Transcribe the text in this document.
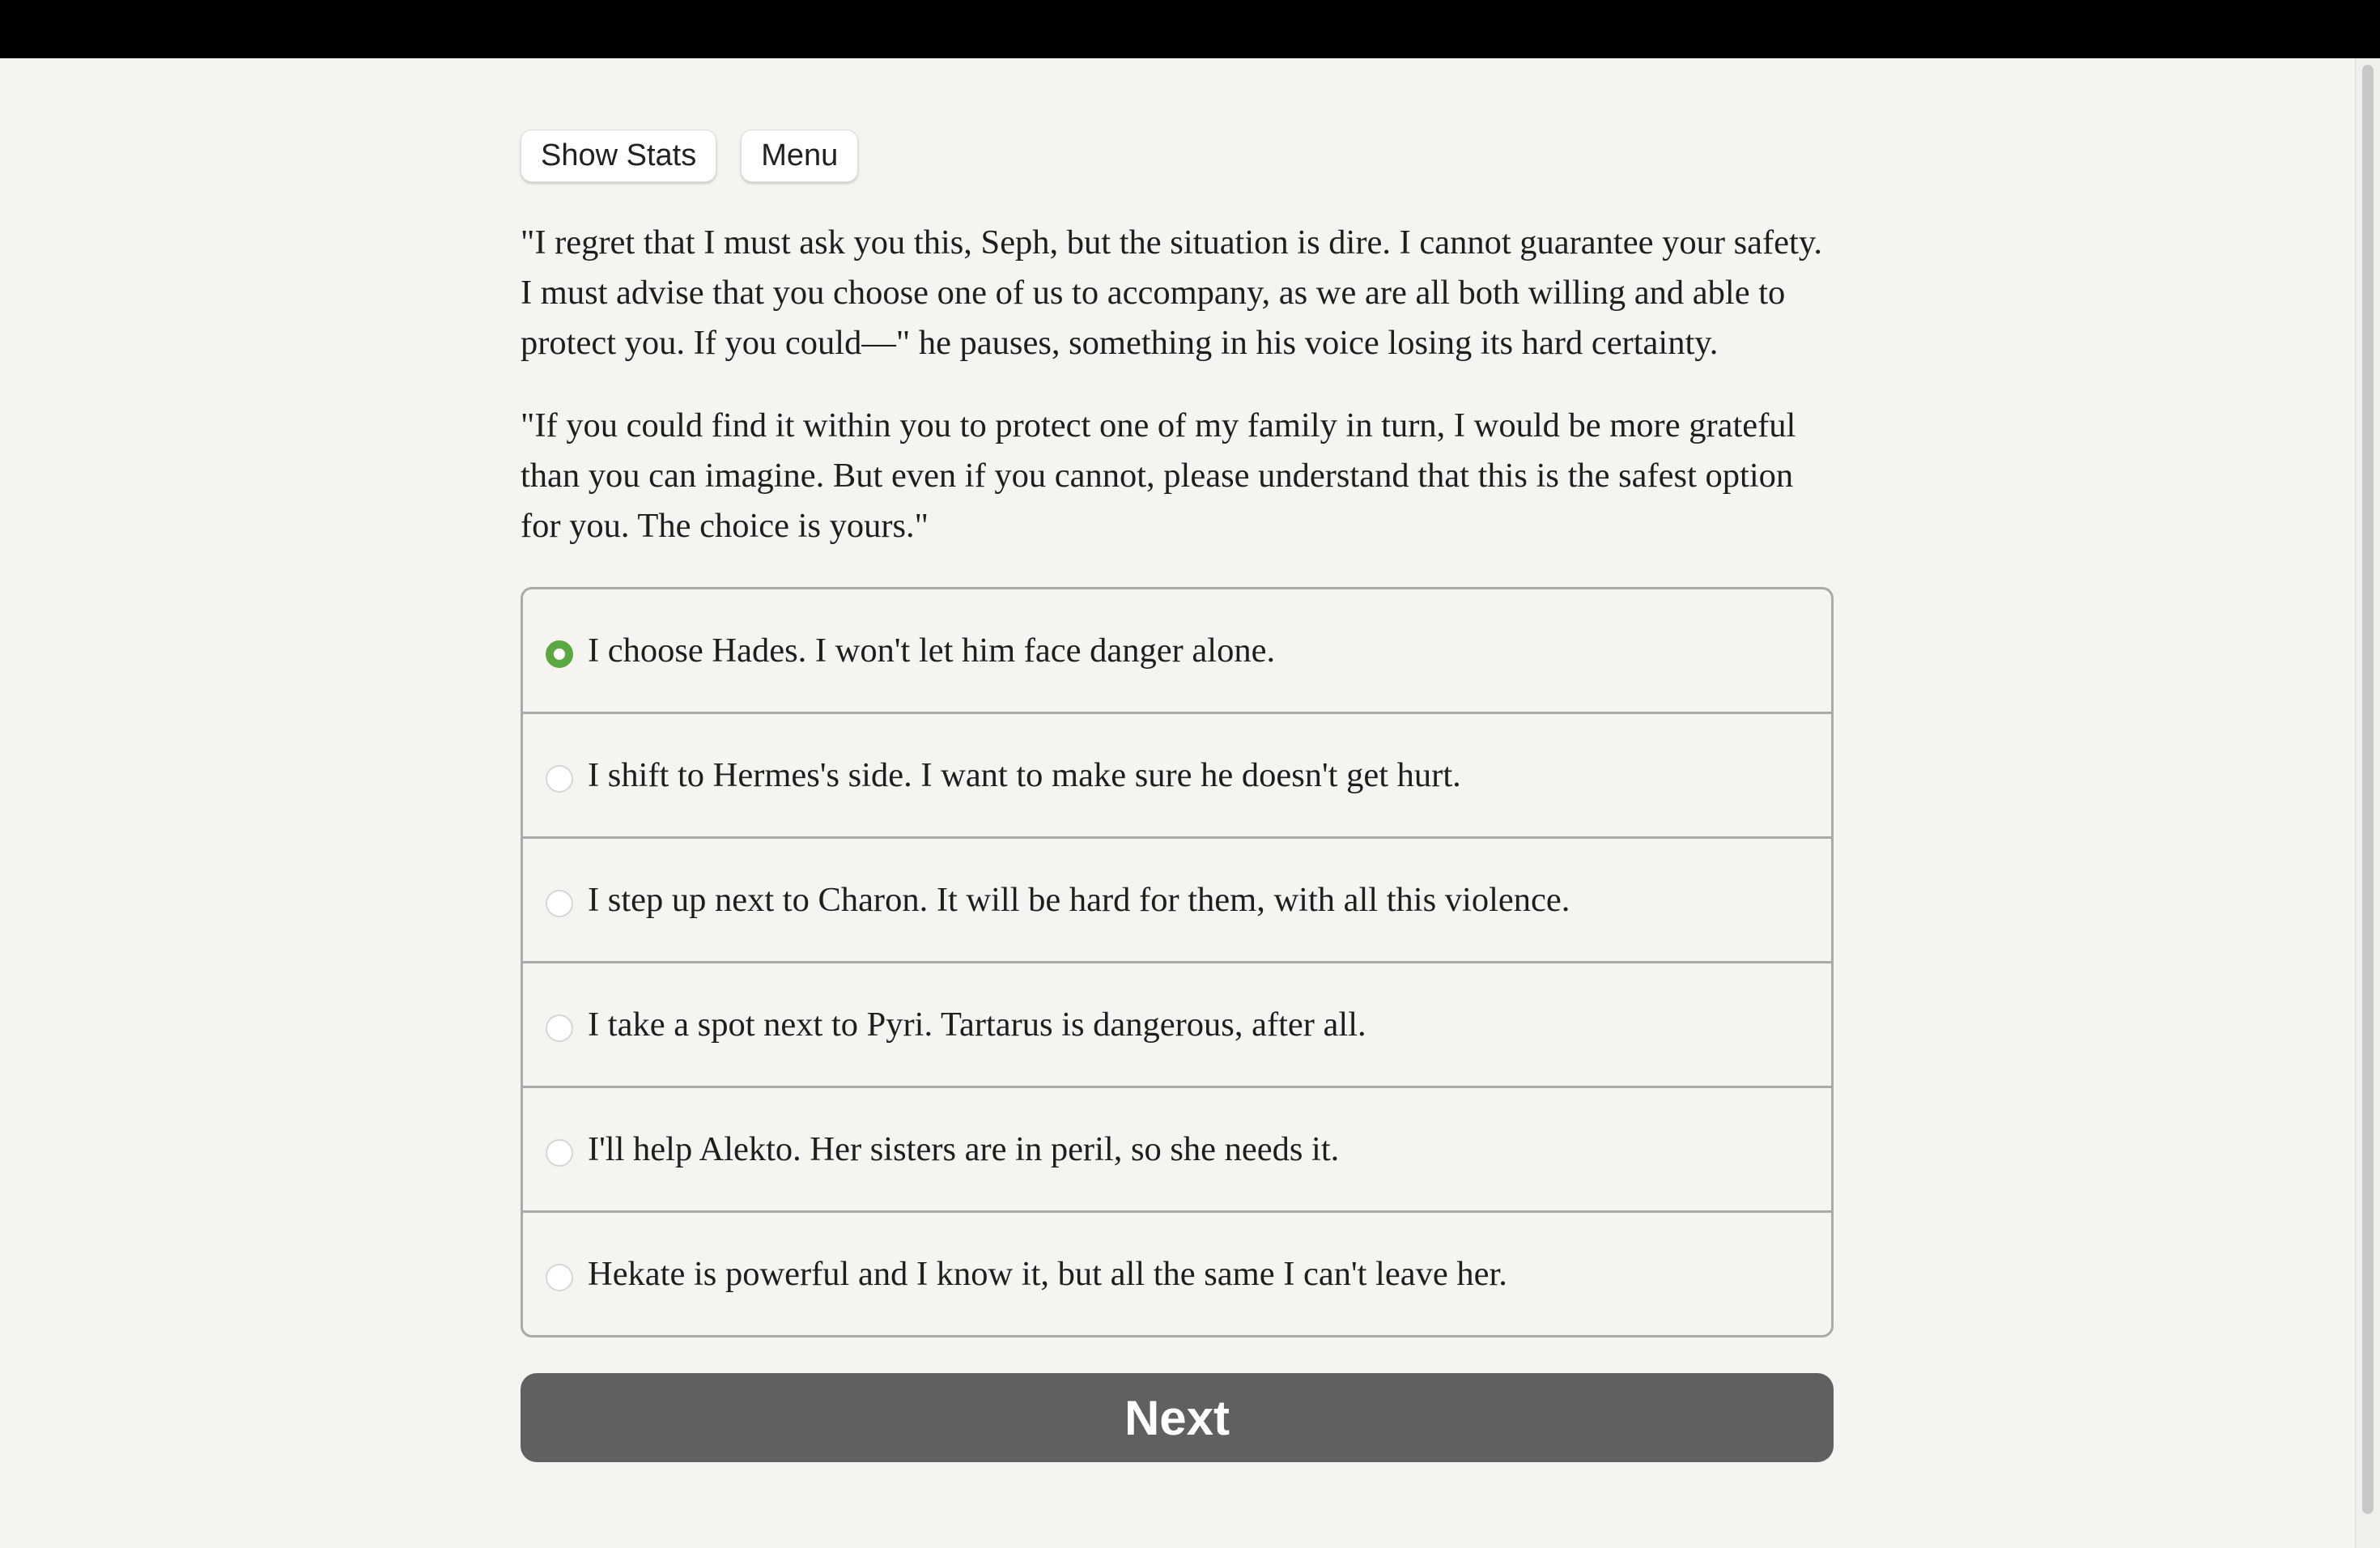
Show Stats	Menu

"I regret that I must ask you this, Seph, but the situation is dire. I cannot guarantee your safety. I must advise that you choose one of us to accompany, as we are all both willing and able to protect you. If you could—" he pauses, something in his voice losing its hard certainty.

"If you could find it within you to protect one of my family in turn, I would be more grateful than you can imagine. But even if you cannot, please understand that this is the safest option for you. The choice is yours."

I choose Hades. I won't let him face danger alone.
I shift to Hermes's side. I want to make sure he doesn't get hurt.
I step up next to Charon. It will be hard for them, with all this violence.
I take a spot next to Pyri. Tartarus is dangerous, after all.
I'll help Alekto. Her sisters are in peril, so she needs it.
Hekate is powerful and I know it, but all the same I can't leave her.
Next
